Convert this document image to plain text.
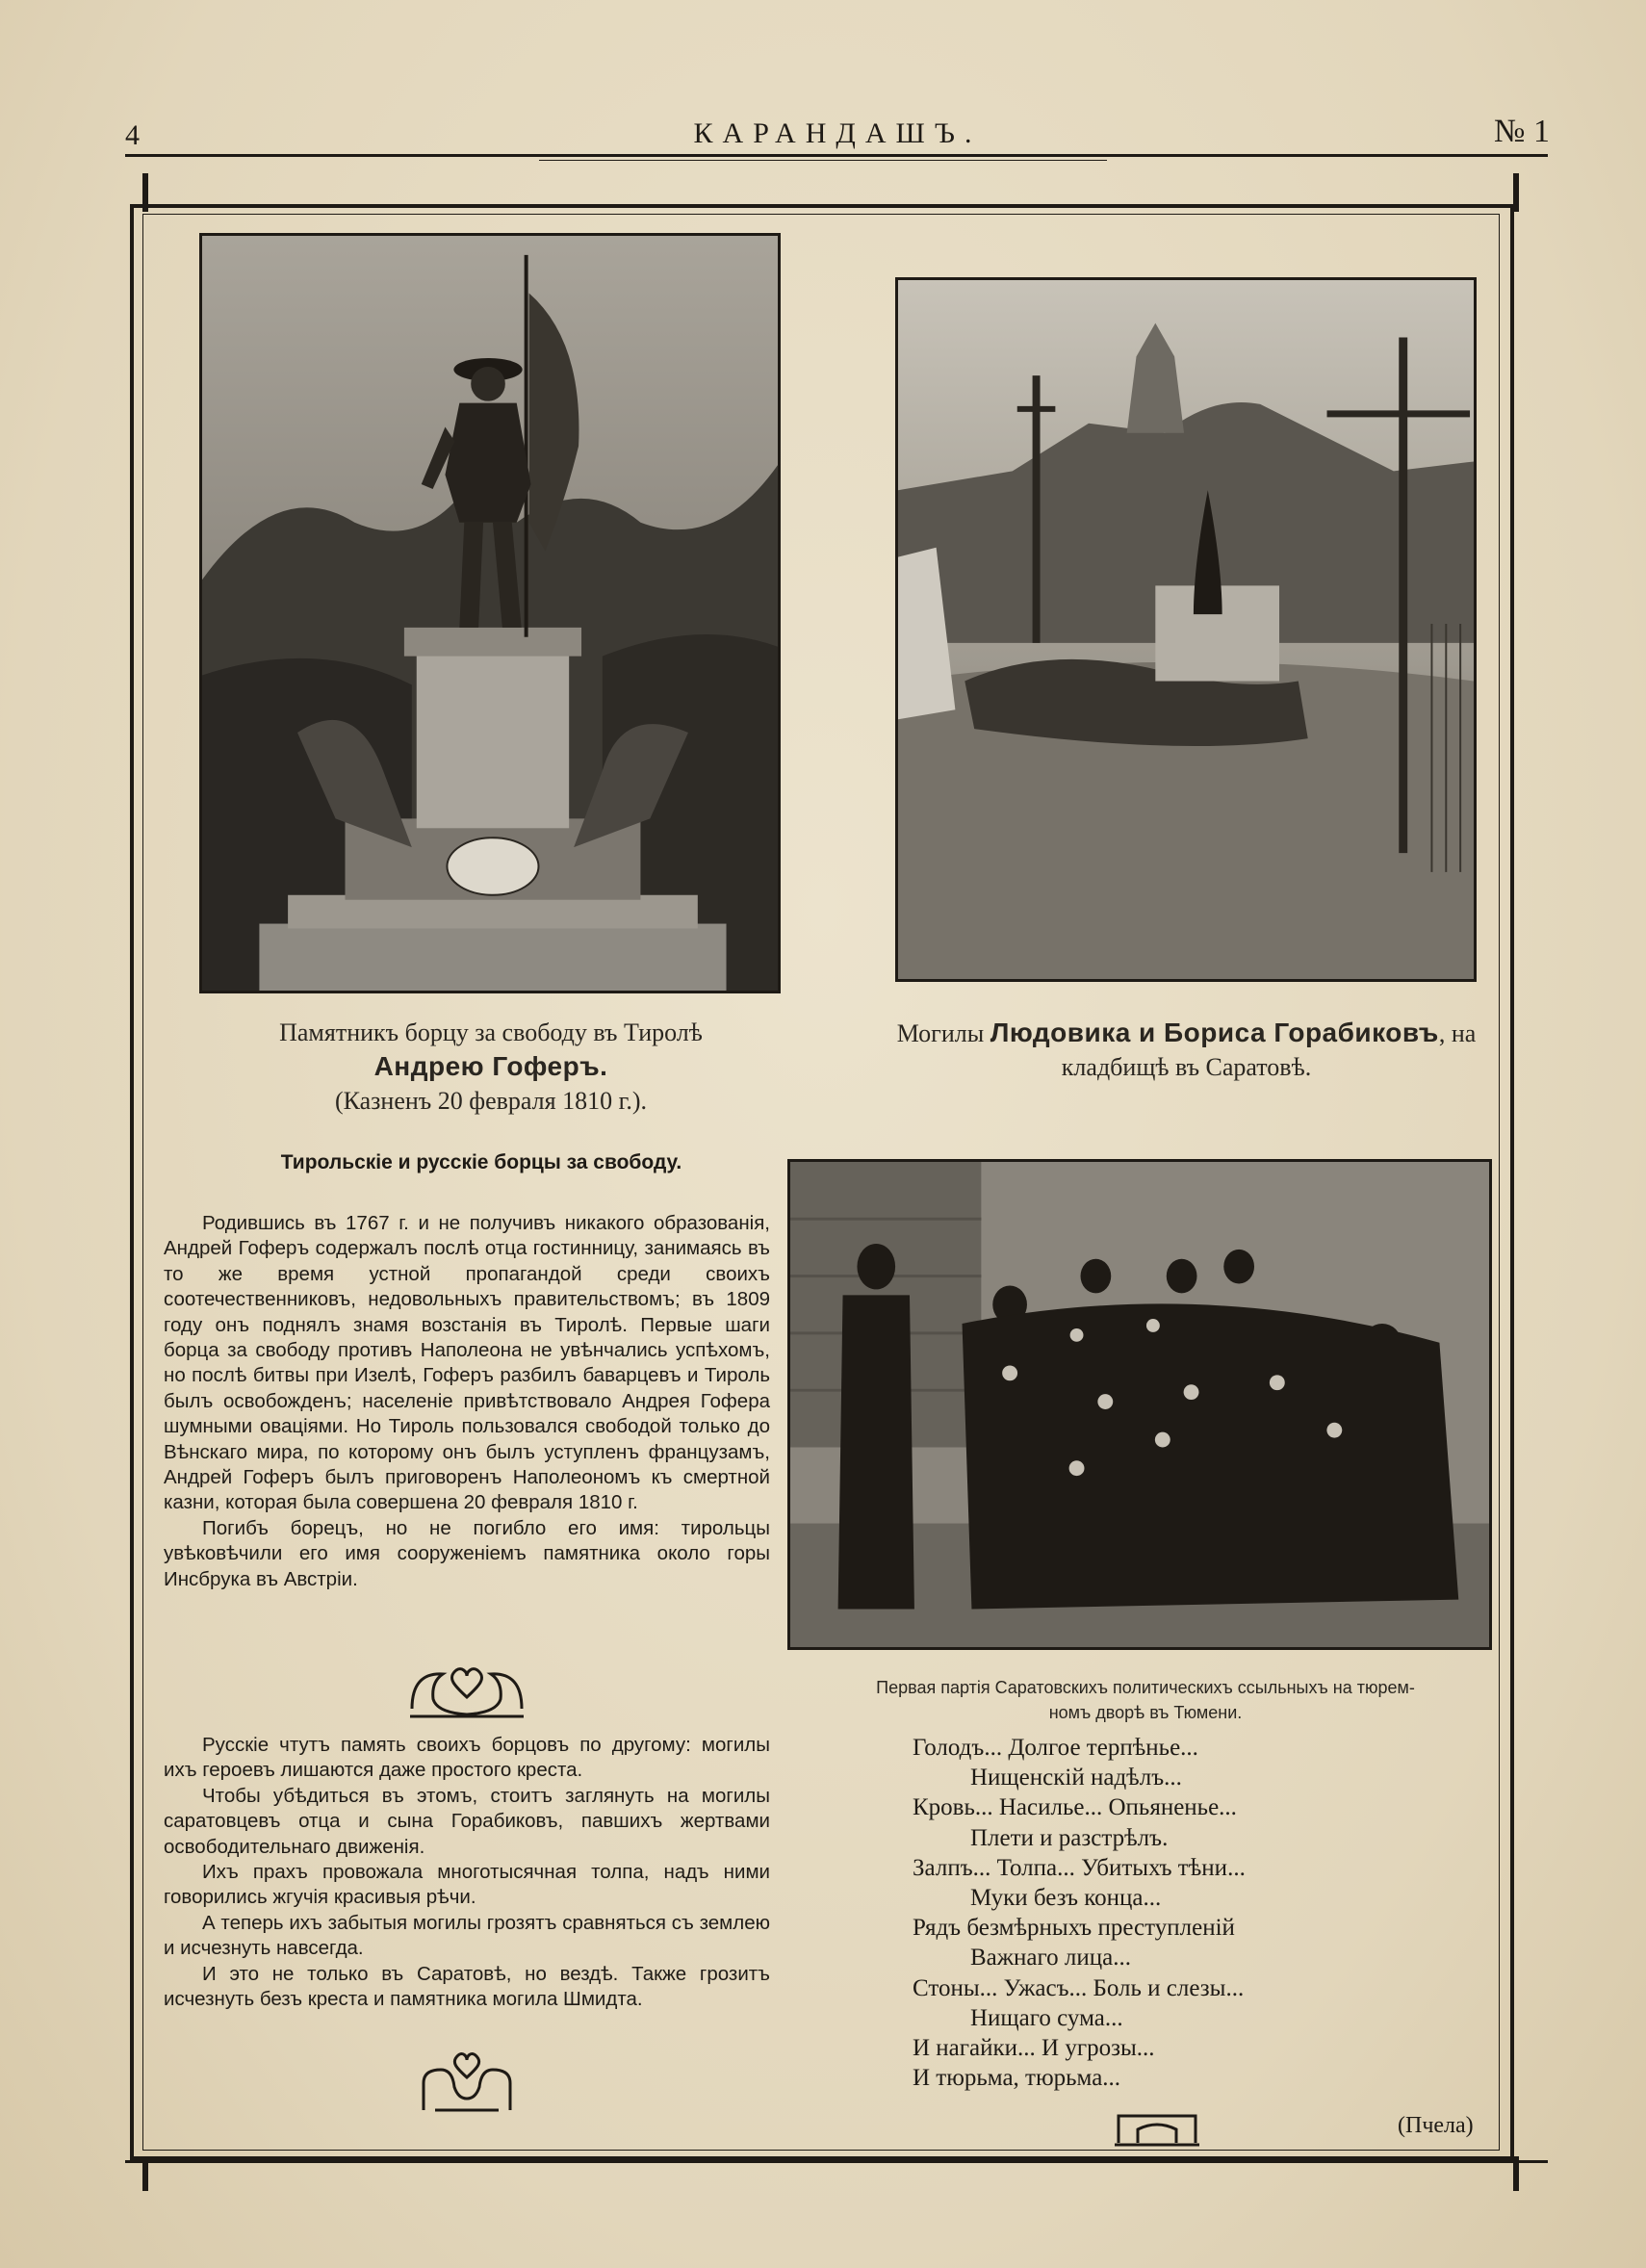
4	КАРАНДАШЪ.	№ 1
Памятникъ борцу за свободу въ Тиролѣ
Андрею Гоферъ.
(Казненъ 20 февраля 1810 г.).
Могилы Людовика и Бориса Горабиковъ, на
кладбищѣ въ Саратовѣ.
Первая партія Саратовскихъ политическихъ ссыльныхъ на тюрем-
номъ дворѣ въ Тюмени.
Тирольскіе и русскіе борцы за свободу.

Родившись въ 1767 г. и не получивъ никакого образованія, Андрей Гоферъ содержалъ послѣ отца гостинницу, занимаясь въ то же время устной пропагандой среди своихъ соотечественниковъ, недовольныхъ правительствомъ; въ 1809 году онъ поднялъ знамя возстанія въ Тиролѣ. Первые шаги борца за свободу противъ Наполеона не увѣнчались успѣхомъ, но послѣ битвы при Изелѣ, Гоферъ разбилъ баварцевъ и Тироль былъ освобожденъ; населеніе привѣтствовало Андрея Гофера шумными оваціями. Но Тироль пользовался свободой только до Вѣнскаго мира, по которому онъ былъ уступленъ французамъ, Андрей Гоферъ былъ приговоренъ Наполеономъ къ смертной казни, которая была совершена 20 февраля 1810 г.

Погибъ борецъ, но не погибло его имя: тирольцы увѣковѣчили его имя сооруженіемъ памятника около горы Инсбрука въ Австріи.

Русскіе чтутъ память своихъ борцовъ по другому: могилы ихъ героевъ лишаются даже простого креста.

Чтобы убѣдиться въ этомъ, стоитъ заглянуть на могилы саратовцевъ отца и сына Горабиковъ, павшихъ жертвами освободительнаго движенія.

Ихъ прахъ провожала многотысячная толпа, надъ ними говорились жгучія красивыя рѣчи.

А теперь ихъ забытыя могилы грозятъ сравняться съ землею и исчезнуть навсегда.

И это не только въ Саратовѣ, но вездѣ. Также грозитъ исчезнуть безъ креста и памятника могила Шмидта.

Голодъ... Долгое терпѣнье...
Нищенскій надѣлъ...
Кровь... Насилье... Опьяненье...
Плети и разстрѣлъ.
Залпъ... Толпа... Убитыхъ тѣни...
Муки безъ конца...
Рядъ безмѣрныхъ преступленій
Важнаго лица...
Стоны... Ужасъ... Боль и слезы...
Нищаго сума...
И нагайки... И угрозы...
И тюрьма, тюрьма...
(Пчела)
